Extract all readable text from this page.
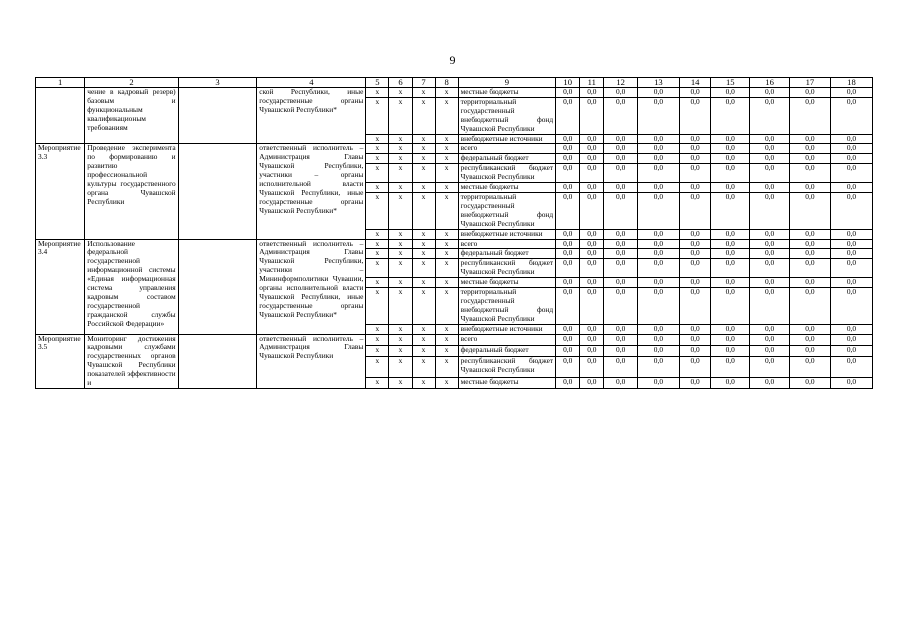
9
1	2	3	4	5	6	7	8	9	10	11	12	13	14	15	16	17	18
	чение в кадровый резерв) базовым и функциональным квалификационым требованиям		ской Республики, иные государственные органы Чувашской Республики*	x	x	x	x	местные бюджеты	0,0	0,0	0,0	0,0	0,0	0,0	0,0	0,0	0,0
				x	x	x	x	территориальный государственный внебюджетный фонд Чувашской Республики	0,0	0,0	0,0	0,0	0,0	0,0	0,0	0,0	0,0
				x	x	x	x	внебюджетные источники	0,0	0,0	0,0	0,0	0,0	0,0	0,0	0,0	0,0
Мероприятие 3.3	Проведение эксперимента по формированию и развитию профессиональной культуры государственного органа Чувашской Республики		ответственный исполнитель – Администрация Главы Чувашской Республики, участники – органы исполнительной власти Чувашской Республики, иные государственные органы Чувашской Республики*	x	x	x	x	всего	0,0	0,0	0,0	0,0	0,0	0,0	0,0	0,0	0,0
				x	x	x	x	федеральный бюджет	0,0	0,0	0,0	0,0	0,0	0,0	0,0	0,0	0,0
				x	x	x	x	республиканский бюджет Чувашской Республики	0,0	0,0	0,0	0,0	0,0	0,0	0,0	0,0	0,0
				x	x	x	x	местные бюджеты	0,0	0,0	0,0	0,0	0,0	0,0	0,0	0,0	0,0
				x	x	x	x	территориальный государственный внебюджетный фонд Чувашской Республики	0,0	0,0	0,0	0,0	0,0	0,0	0,0	0,0	0,0
				x	x	x	x	внебюджетные источники	0,0	0,0	0,0	0,0	0,0	0,0	0,0	0,0	0,0
Мероприятие 3.4	Использование федеральной государственной информационной системы «Единая информационная система управления кадровым составом государственной гражданской службы Российской Федерации»		ответственный исполнитель – Администрация Главы Чувашской Республики, участники – Мининформполитики Чувашии, органы исполнительной власти Чувашской Республики, иные государственные органы Чувашской Республики*	x	x	x	x	всего	0,0	0,0	0,0	0,0	0,0	0,0	0,0	0,0	0,0
				x	x	x	x	федеральный бюджет	0,0	0,0	0,0	0,0	0,0	0,0	0,0	0,0	0,0
				x	x	x	x	республиканский бюджет Чувашской Республики	0,0	0,0	0,0	0,0	0,0	0,0	0,0	0,0	0,0
				x	x	x	x	местные бюджеты	0,0	0,0	0,0	0,0	0,0	0,0	0,0	0,0	0,0
				x	x	x	x	территориальный государственный внебюджетный фонд Чувашской Республики	0,0	0,0	0,0	0,0	0,0	0,0	0,0	0,0	0,0
				x	x	x	x	внебюджетные источники	0,0	0,0	0,0	0,0	0,0	0,0	0,0	0,0	0,0
Мероприятие 3.5	Мониторинг достижения кадровыми службами государственных органов Чувашской Республики показателей эффективности и		ответственный исполнитель – Администрация Главы Чувашской Республики	x	x	x	x	всего	0,0	0,0	0,0	0,0	0,0	0,0	0,0	0,0	0,0
				x	x	x	x	федеральный бюджет	0,0	0,0	0,0	0,0	0,0	0,0	0,0	0,0	0,0
				x	x	x	x	республиканский бюджет Чувашской Республики	0,0	0,0	0,0	0,0	0,0	0,0	0,0	0,0	0,0
				x	x	x	x	местные бюджеты	0,0	0,0	0,0	0,0	0,0	0,0	0,0	0,0	0,0
